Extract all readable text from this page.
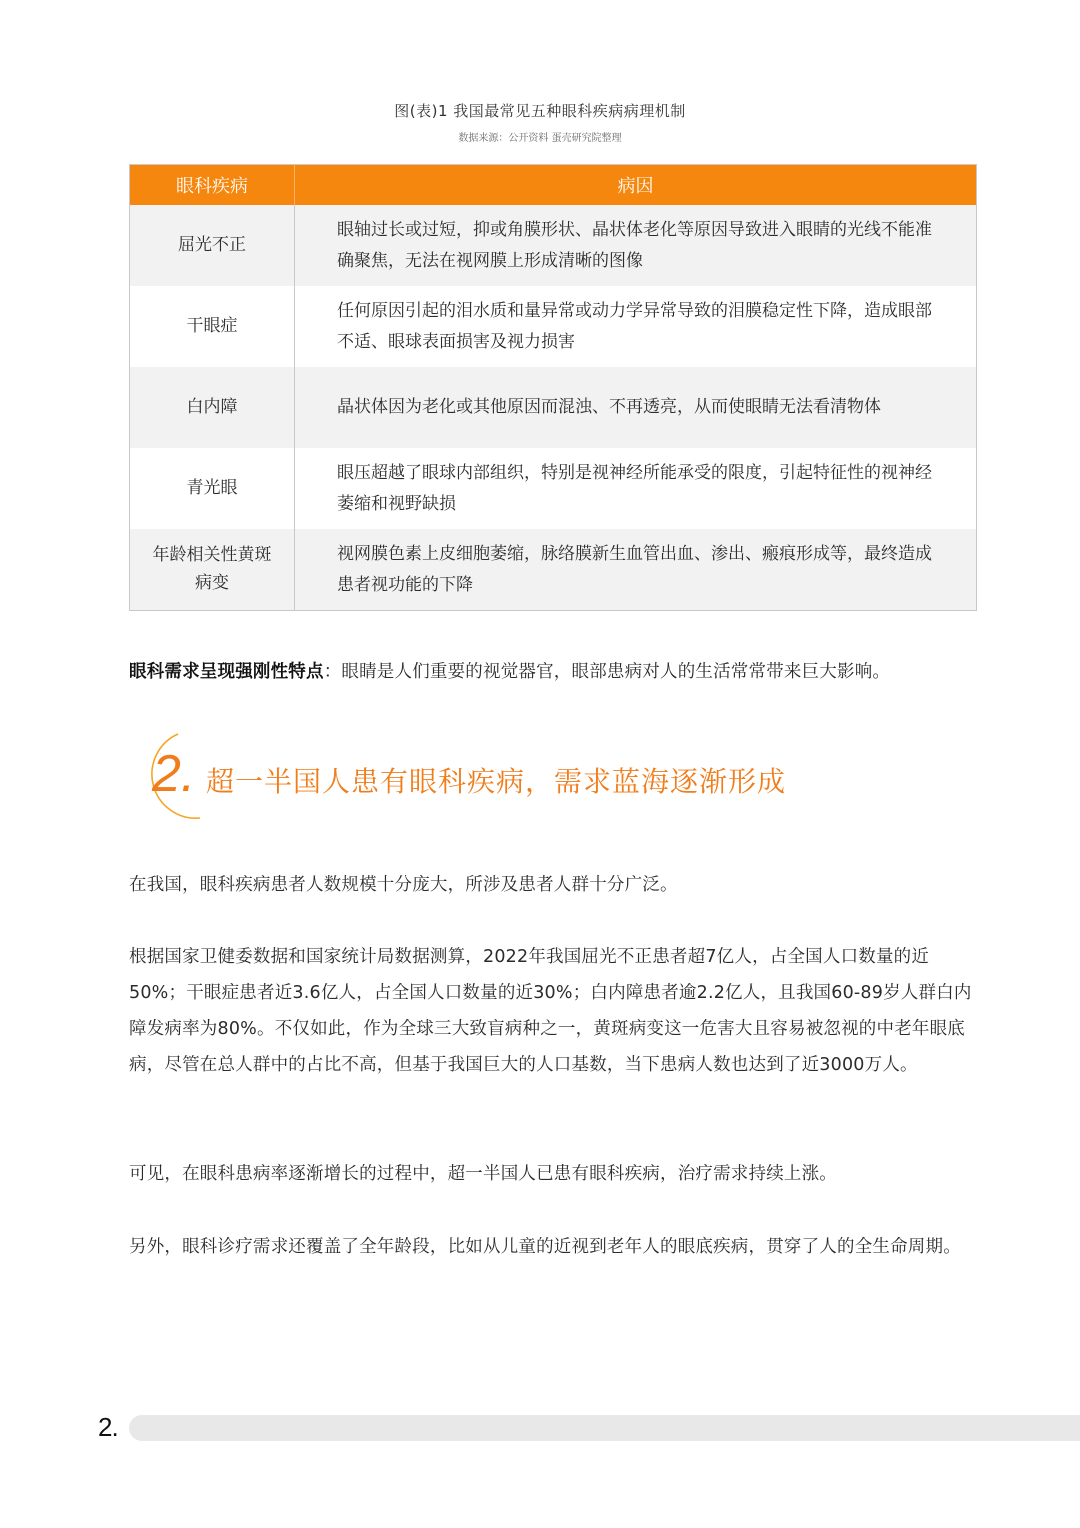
图(表)1 我国最常见五种眼科疾病病理机制
数据来源：公开资料 蛋壳研究院整理
眼科疾病	病因
屈光不正	眼轴过长或过短，抑或角膜形状、晶状体老化等原因导致进入眼睛的光线不能准确聚焦，无法在视网膜上形成清晰的图像
干眼症	任何原因引起的泪水质和量异常或动力学异常导致的泪膜稳定性下降，造成眼部不适、眼球表面损害及视力损害
白内障	晶状体因为老化或其他原因而混浊、不再透亮，从而使眼睛无法看清物体
青光眼	眼压超越了眼球内部组织，特别是视神经所能承受的限度，引起特征性的视神经萎缩和视野缺损
年龄相关性黄斑病变	视网膜色素上皮细胞萎缩，脉络膜新生血管出血、渗出、瘢痕形成等，最终造成患者视功能的下降
眼科需求呈现强刚性特点：眼睛是人们重要的视觉器官，眼部患病对人的生活常常带来巨大影响。
2. 超一半国人患有眼科疾病，需求蓝海逐渐形成
在我国，眼科疾病患者人数规模十分庞大，所涉及患者人群十分广泛。
根据国家卫健委数据和国家统计局数据测算，2022年我国屈光不正患者超7亿人，占全国人口数量的近50%；干眼症患者近3.6亿人，占全国人口数量的近30%；白内障患者逾2.2亿人，且我国60-89岁人群白内障发病率为80%。不仅如此，作为全球三大致盲病种之一，黄斑病变这一危害大且容易被忽视的中老年眼底病，尽管在总人群中的占比不高，但基于我国巨大的人口基数，当下患病人数也达到了近3000万人。
可见，在眼科患病率逐渐增长的过程中，超一半国人已患有眼科疾病，治疗需求持续上涨。
另外，眼科诊疗需求还覆盖了全年龄段，比如从儿童的近视到老年人的眼底疾病，贯穿了人的全生命周期。
2.
